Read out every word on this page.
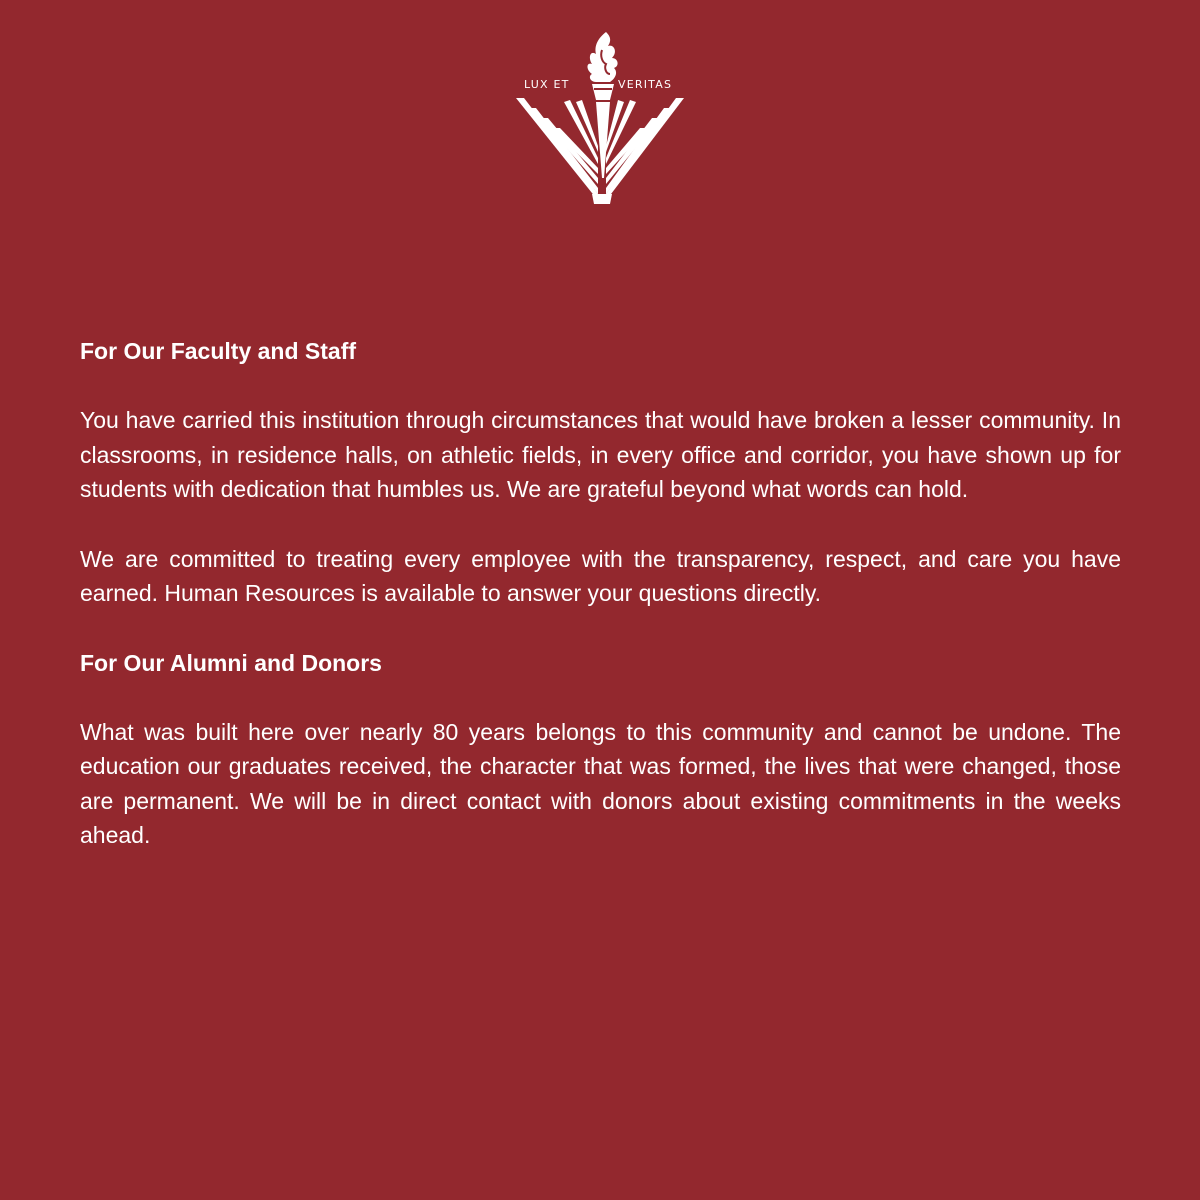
LUX ET	VERITAS
For Our Faculty and Staff

You have carried this institution through circumstances that would have broken a lesser community. In classrooms, in residence halls, on athletic fields, in every office and corridor, you have shown up for students with dedication that humbles us. We are grateful beyond what words can hold.

We are committed to treating every employee with the transparency, respect, and care you have earned. Human Resources is available to answer your questions directly.

For Our Alumni and Donors

What was built here over nearly 80 years belongs to this community and cannot be undone. The education our graduates received, the character that was formed, the lives that were changed, those are permanent. We will be in direct contact with donors about existing commitments in the weeks ahead.
